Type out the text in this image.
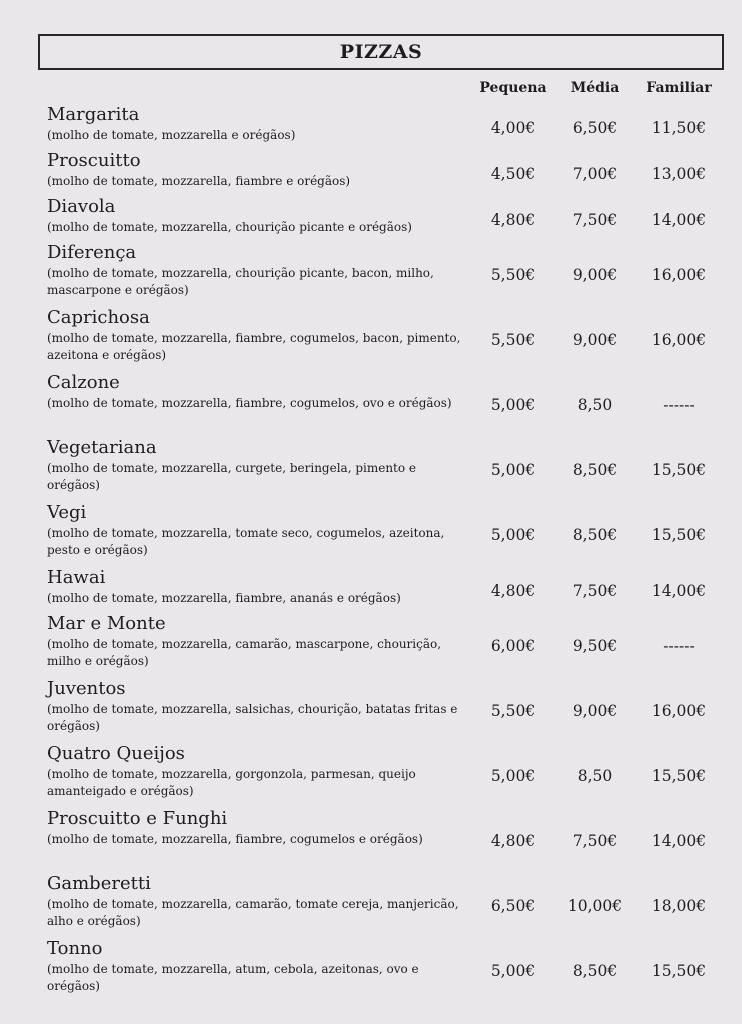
PIZZAS
Pequena	Média	Familiar
Margarita
(molho de tomate, mozzarella e orégãos)	4,00€	6,50€	11,50€
Proscuitto
(molho de tomate, mozzarella, fiambre e orégãos)	4,50€	7,00€	13,00€
Diavola
(molho de tomate, mozzarella, chourição picante e orégãos)	4,80€	7,50€	14,00€
Diferença
(molho de tomate, mozzarella, chourição picante, bacon, milho, mascarpone e orégãos)
5,50€	9,00€	16,00€
Caprichosa
(molho de tomate, mozzarella, fiambre, cogumelos, bacon, pimento, azeitona e orégãos)
5,50€	9,00€	16,00€
Calzone
(molho de tomate, mozzarella, fiambre, cogumelos, ovo e orégãos)	5,00€	8,50	------
Vegetariana
(molho de tomate, mozzarella, curgete, beringela, pimento e orégãos)
5,00€	8,50€	15,50€
Vegi
(molho de tomate, mozzarella, tomate seco, cogumelos, azeitona, pesto e orégãos)
5,00€	8,50€	15,50€
Hawai
(molho de tomate, mozzarella, fiambre, ananás e orégãos)	4,80€	7,50€	14,00€
Mar e Monte
(molho de tomate, mozzarella, camarão, mascarpone, chourição, milho e orégãos)
6,00€	9,50€	------
Juventos
(molho de tomate, mozzarella, salsichas, chourição, batatas fritas e orégãos)
5,50€	9,00€	16,00€
Quatro Queijos
(molho de tomate, mozzarella, gorgonzola, parmesan, queijo amanteigado e orégãos)
5,00€	8,50	15,50€
Proscuitto e Funghi
(molho de tomate, mozzarella, fiambre, cogumelos e orégãos)	4,80€	7,50€	14,00€
Gamberetti
(molho de tomate, mozzarella, camarão, tomate cereja, manjericão, alho e orégãos)
6,50€	10,00€	18,00€
Tonno
(molho de tomate, mozzarella, atum, cebola, azeitonas, ovo e orégãos)
5,00€	8,50€	15,50€
